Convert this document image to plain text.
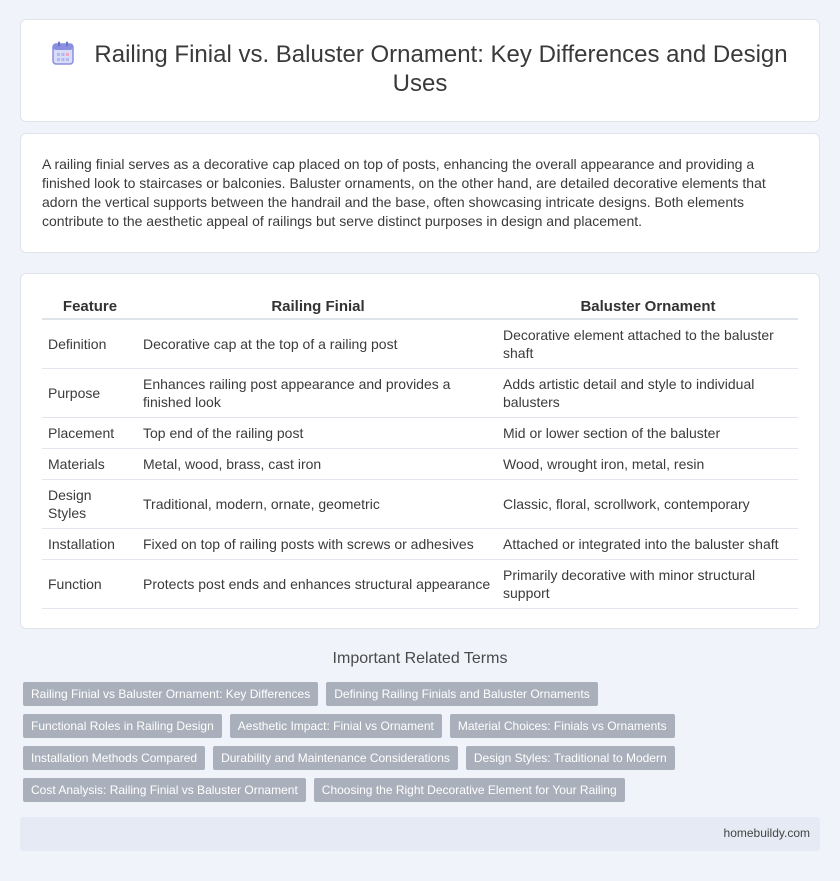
Railing Finial vs. Baluster Ornament: Key Differences and Design Uses

A railing finial serves as a decorative cap placed on top of posts, enhancing the overall appearance and providing a finished look to staircases or balconies. Baluster ornaments, on the other hand, are detailed decorative elements that adorn the vertical supports between the handrail and the base, often showcasing intricate designs. Both elements contribute to the aesthetic appeal of railings but serve distinct purposes in design and placement.

Feature	Railing Finial	Baluster Ornament
Definition	Decorative cap at the top of a railing post	Decorative element attached to the baluster shaft
Purpose	Enhances railing post appearance and provides a finished look	Adds artistic detail and style to individual balusters
Placement	Top end of the railing post	Mid or lower section of the baluster
Materials	Metal, wood, brass, cast iron	Wood, wrought iron, metal, resin
Design Styles	Traditional, modern, ornate, geometric	Classic, floral, scrollwork, contemporary
Installation	Fixed on top of railing posts with screws or adhesives	Attached or integrated into the baluster shaft
Function	Protects post ends and enhances structural appearance	Primarily decorative with minor structural support
Important Related Terms
Railing Finial vs Baluster Ornament: Key Differences	Defining Railing Finials and Baluster Ornaments
Functional Roles in Railing Design	Aesthetic Impact: Finial vs Ornament	Material Choices: Finials vs Ornaments
Installation Methods Compared	Durability and Maintenance Considerations	Design Styles: Traditional to Modern
Cost Analysis: Railing Finial vs Baluster Ornament	Choosing the Right Decorative Element for Your Railing
homebuildy.com
